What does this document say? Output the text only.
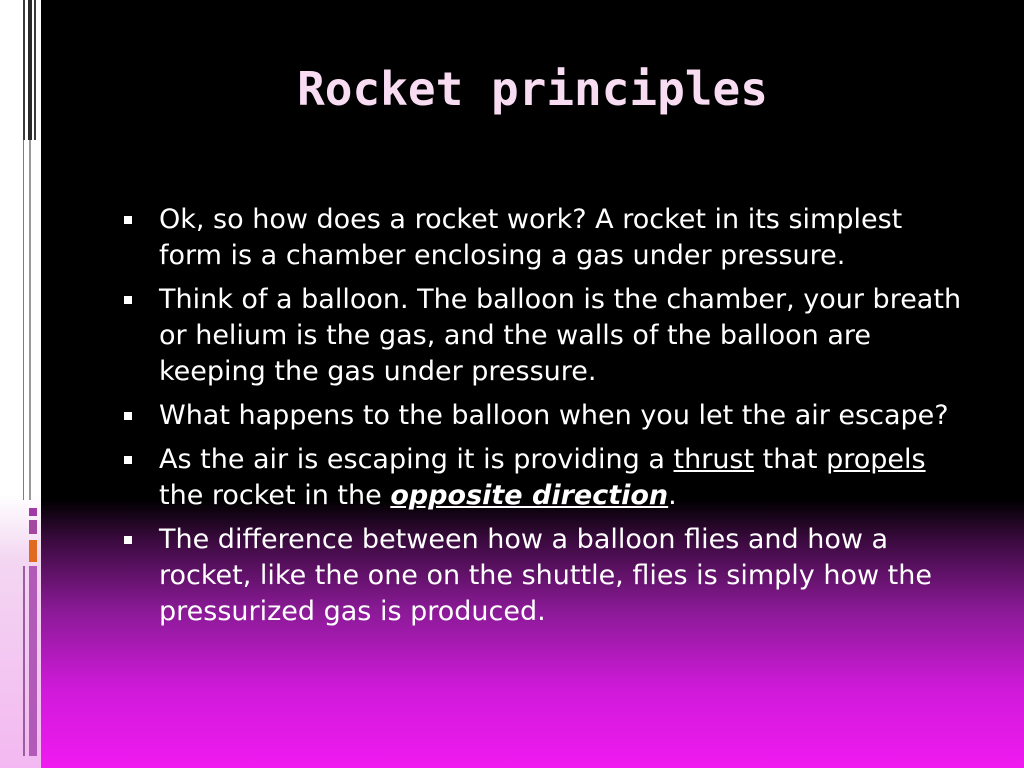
Rocket principles
Ok, so how does a rocket work? A rocket in its simplest form is a chamber enclosing a gas under pressure.
Think of a balloon. The balloon is the chamber, your breath or helium is the gas, and the walls of the balloon are keeping the gas under pressure.
What happens to the balloon when you let the air escape?
As the air is escaping it is providing a thrust that propels the rocket in the opposite direction.
The difference between how a balloon flies and how a rocket, like the one on the shuttle, flies is simply how the pressurized gas is produced.
